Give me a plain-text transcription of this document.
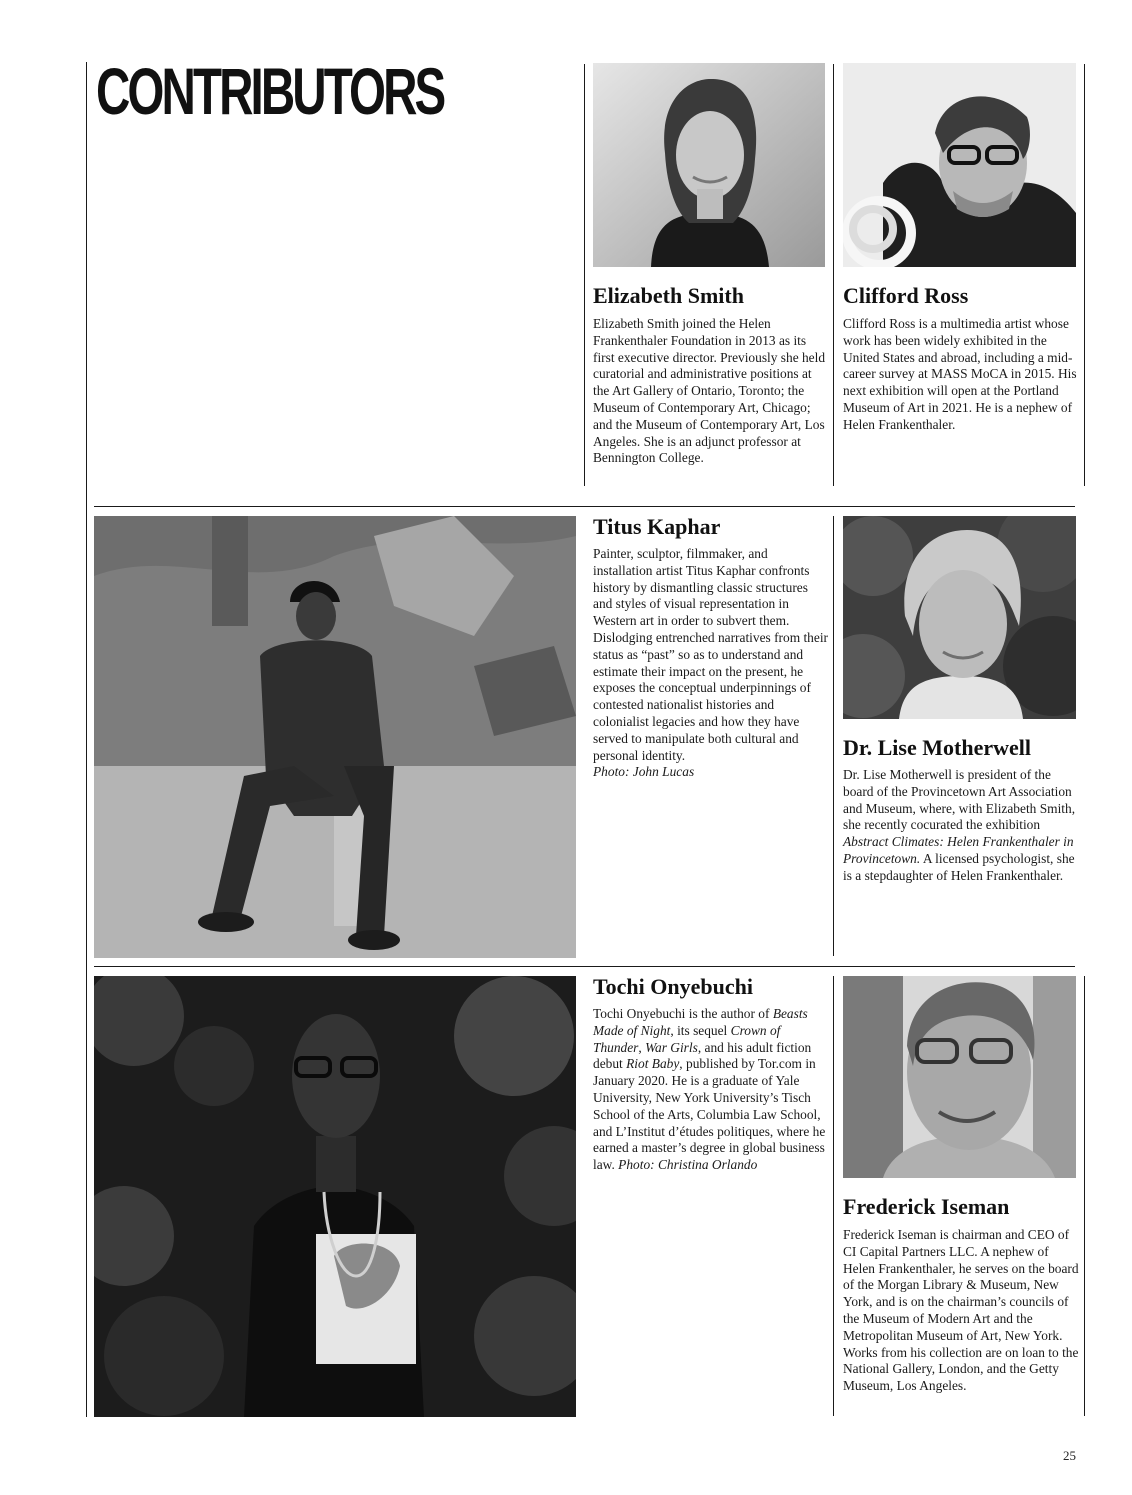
CONTRIBUTORS
Elizabeth Smith

Elizabeth Smith joined the Helen Frankenthaler Foundation in 2013 as its first executive director. Previously she held curatorial and administrative positions at the Art Gallery of Ontario, Toronto; the Museum of Contemporary Art, Chicago; and the Museum of Contemporary Art, Los Angeles. She is an adjunct professor at Bennington College.

Clifford Ross

Clifford Ross is a multimedia artist whose work has been widely exhibited in the United States and abroad, including a mid-career survey at MASS MoCA in 2015. His next exhibition will open at the Portland Museum of Art in 2021. He is a nephew of Helen Frankenthaler.

Titus Kaphar

Painter, sculptor, filmmaker, and installation artist Titus Kaphar confronts history by dismantling classic structures and styles of visual representation in Western art in order to subvert them. Dislodging entrenched narratives from their status as “past” so as to understand and estimate their impact on the present, he exposes the conceptual underpinnings of contested nationalist histories and colonialist legacies and how they have served to manipulate both cultural and personal identity.
Photo: John Lucas

Dr. Lise Motherwell

Dr. Lise Motherwell is president of the board of the Provincetown Art Association and Museum, where, with Elizabeth Smith, she recently cocurated the exhibition Abstract Climates: Helen Frankenthaler in Provincetown. A licensed psychologist, she is a stepdaughter of Helen Frankenthaler.

Tochi Onyebuchi

Tochi Onyebuchi is the author of Beasts Made of Night, its sequel Crown of Thunder, War Girls, and his adult fiction debut Riot Baby, published by Tor.com in January 2020. He is a graduate of Yale University, New York University’s Tisch School of the Arts, Columbia Law School, and L’Institut d’études politiques, where he earned a master’s degree in global business law. Photo: Christina Orlando

Frederick Iseman

Frederick Iseman is chairman and CEO of CI Capital Partners LLC. A nephew of Helen Frankenthaler, he serves on the board of the Morgan Library & Museum, New York, and is on the chairman’s councils of the Museum of Modern Art and the Metropolitan Museum of Art, New York. Works from his collection are on loan to the National Gallery, London, and the Getty Museum, Los Angeles.

25
